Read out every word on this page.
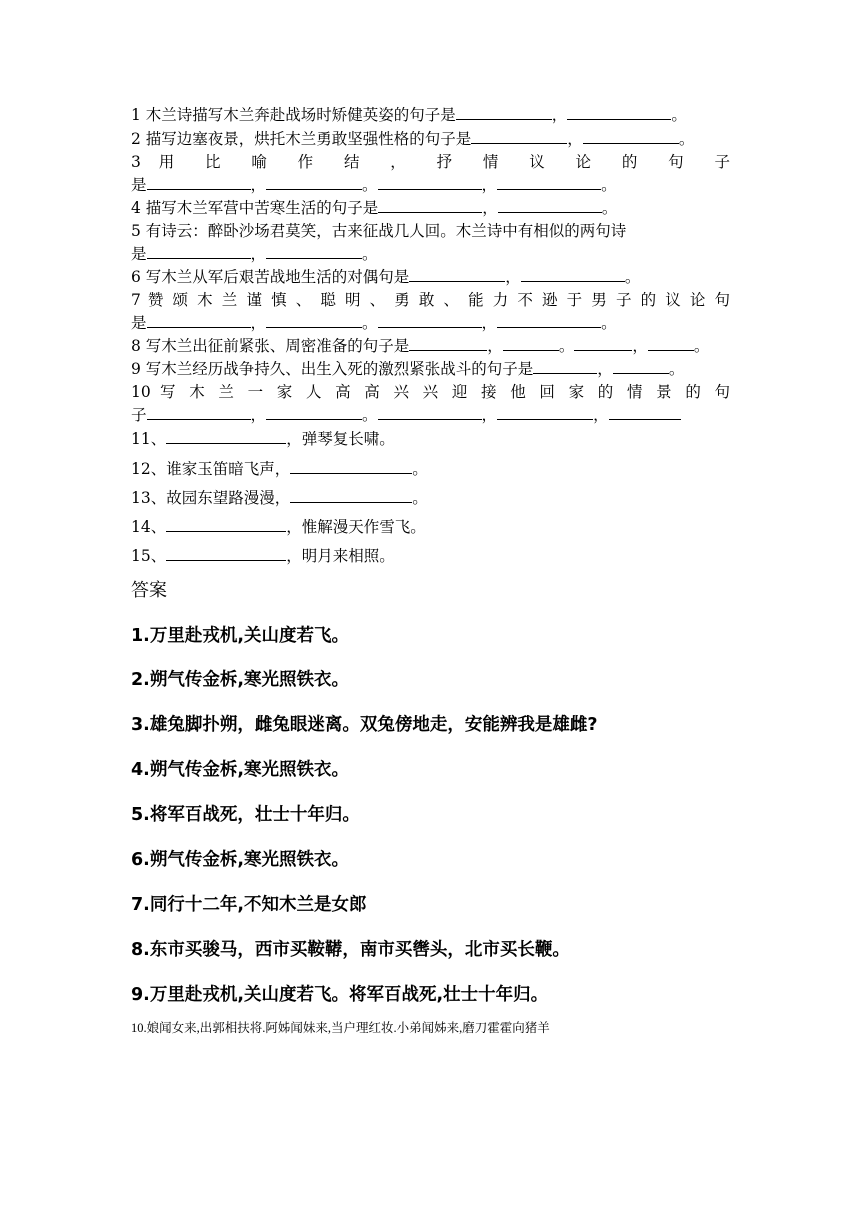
1 木兰诗描写木兰奔赴战场时矫健英姿的句子是	，	。
2 描写边塞夜景，烘托木兰勇敢坚强性格的句子是	，	。
3 用 比 喻 作 结 ， 抒 情 议 论 的 句 子
是	，	。	，	。
4 描写木兰军营中苦寒生活的句子是	，	。
5 有诗云：醉卧沙场君莫笑，古来征战几人回。木兰诗中有相似的两句诗
是	，	。
6 写木兰从军后艰苦战地生活的对偶句是	，	。
7 赞 颂 木 兰 谨 慎 、 聪 明 、 勇 敢 、 能 力 不 逊 于 男 子 的 议 论 句
是	，	。	，	。
8 写木兰出征前紧张、周密准备的句子是	，	。	，	。
9 写木兰经历战争持久、出生入死的激烈紧张战斗的句子是	，	。
10 写 木 兰 一 家 人 高 高 兴 兴 迎 接 他 回 家 的 情 景 的 句
子	，	。	，	，
11、	，弹琴复长啸。
12、谁家玉笛暗飞声，	。
13、故园东望路漫漫，	。
14、	，惟解漫天作雪飞。
15、	，明月来相照。
答案
1.万里赴戎机,关山度若飞。
2.朔气传金柝,寒光照铁衣。
3.雄兔脚扑朔，雌兔眼迷离。双兔傍地走，安能辨我是雄雌?
4.朔气传金柝,寒光照铁衣。
5.将军百战死，壮士十年归。
6.朔气传金柝,寒光照铁衣。
7.同行十二年,不知木兰是女郎
8.东市买骏马，西市买鞍鞯，南市买辔头，北市买长鞭。
9.万里赴戎机,关山度若飞。将军百战死,壮士十年归。
10.娘闻女来,出郭相扶将.阿姊闻妹来,当户理红妆.小弟闻姊来,磨刀霍霍向猪羊
